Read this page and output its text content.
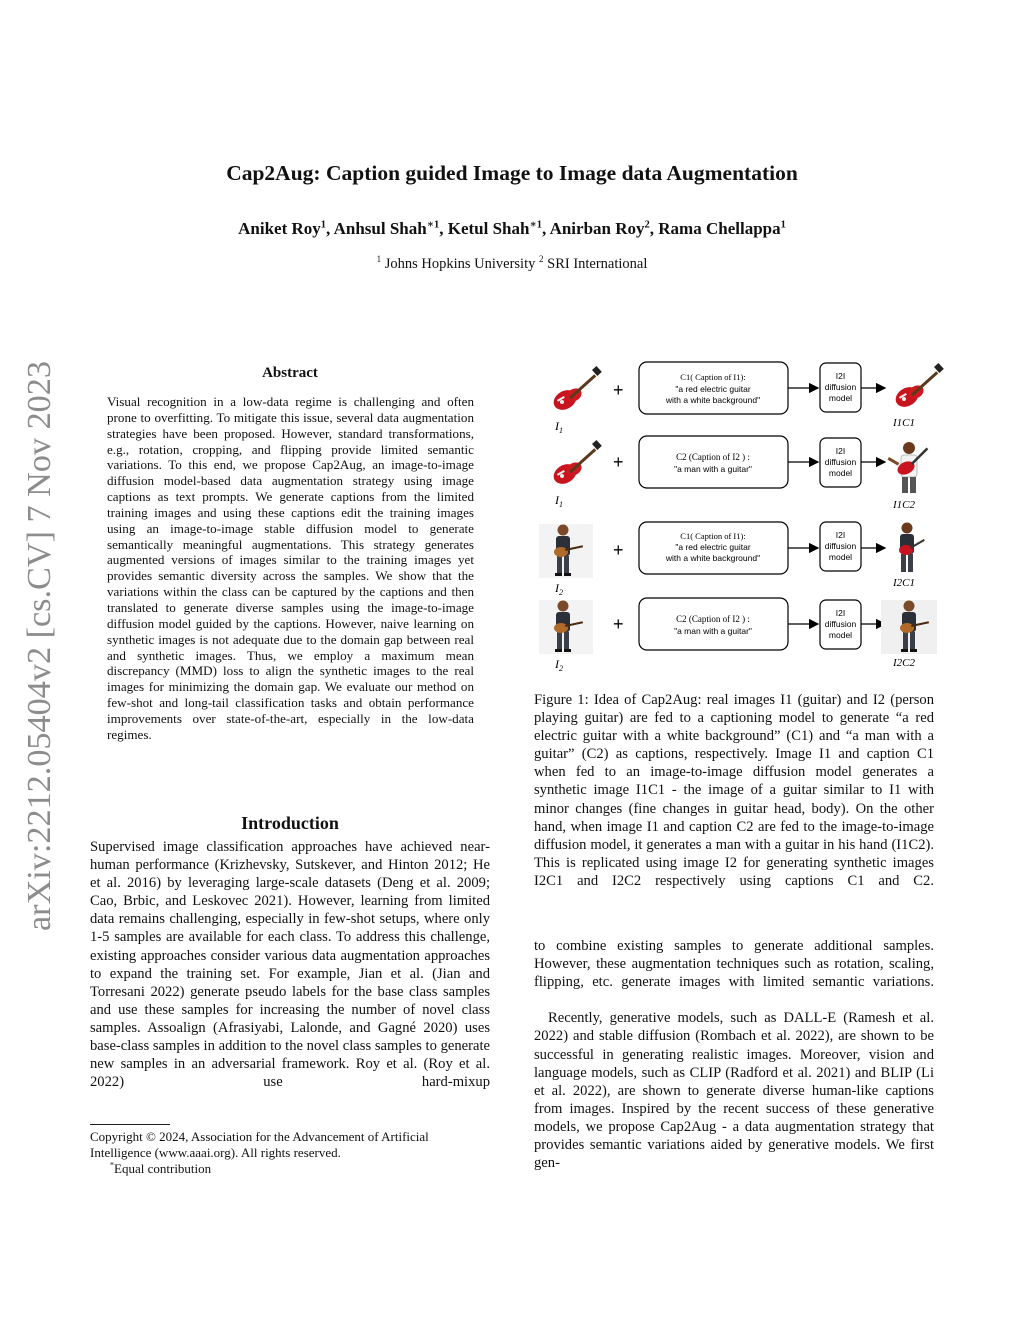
arXiv:2212.05404v2 [cs.CV] 7 Nov 2023
Cap2Aug: Caption guided Image to Image data Augmentation
Aniket Roy$^1$, Anhsul Shah$^{∗1}$, Ketul Shah$^{∗1}$, Anirban Roy$^2$, Rama Chellappa$^1$
$^1$ Johns Hopkins University $^2$ SRI International
Abstract
Visual recognition in a low-data regime is challenging and often prone to overfitting. To mitigate this issue, several data augmentation strategies have been proposed. However, standard transformations, e.g., rotation, cropping, and flipping provide limited semantic variations. To this end, we propose Cap2Aug, an image-to-image diffusion model-based data augmentation strategy using image captions as text prompts. We generate captions from the limited training images and using these captions edit the training images using an image-to-image stable diffusion model to generate semantically meaningful augmentations. This strategy generates augmented versions of images similar to the training images yet provides semantic diversity across the samples. We show that the variations within the class can be captured by the captions and then translated to generate diverse samples using the image-to-image diffusion model guided by the captions. However, naive learning on synthetic images is not adequate due to the domain gap between real and synthetic images. Thus, we employ a maximum mean discrepancy (MMD) loss to align the synthetic images to the real images for minimizing the domain gap. We evaluate our method on few-shot and long-tail classification tasks and obtain performance improvements over state-of-the-art, especially in the low-data regimes.
Introduction
Supervised image classification approaches have achieved near-human performance (Krizhevsky, Sutskever, and Hinton 2012; He et al. 2016) by leveraging large-scale datasets (Deng et al. 2009; Cao, Brbic, and Leskovec 2021). However, learning from limited data remains challenging, especially in few-shot setups, where only 1-5 samples are available for each class. To address this challenge, existing approaches consider various data augmentation approaches to expand the training set. For example, Jian et al. (Jian and Torresani 2022) generate pseudo labels for the base class samples and use these samples for increasing the number of novel class samples. Assoalign (Afrasiyabi, Lalonde, and Gagné 2020) uses base-class samples in addition to the novel class samples to generate new samples in an adversarial framework. Roy et al. (Roy et al. 2022) use hard-mixup
Copyright © 2024, Association for the Advancement of Artificial Intelligence (www.aaai.org). All rights reserved.
*Equal contribution
$I_1$
+
C1( Caption of I1):
"a red electric guitar
with a white background"
I2I
diffusion
model
I1C1
$I_1$
+	C2 (Caption of I2 ) :
"a man with a guitar"
I2I
diffusion
model
I1C2
$I_2$
+
C1( Caption of I1):
"a red electric guitar
with a white background"
I2I
diffusion
model
I2C1
$I_2$
+	C2 (Caption of I2 ) :
"a man with a guitar"
I2I
diffusion
model
I2C2
Figure 1: Idea of Cap2Aug: real images I1 (guitar) and I2 (person playing guitar) are fed to a captioning model to generate “a red electric guitar with a white background” (C1) and “a man with a guitar” (C2) as captions, respectively. Image I1 and caption C1 when fed to an image-to-image diffusion model generates a synthetic image I1C1 - the image of a guitar similar to I1 with minor changes (fine changes in guitar head, body). On the other hand, when image I1 and caption C2 are fed to the image-to-image diffusion model, it generates a man with a guitar in his hand (I1C2). This is replicated using image I2 for generating synthetic images I2C1 and I2C2 respectively using captions C1 and C2.

to combine existing samples to generate additional samples. However, these augmentation techniques such as rotation, scaling, flipping, etc. generate images with limited semantic variations.

Recently, generative models, such as DALL-E (Ramesh et al. 2022) and stable diffusion (Rombach et al. 2022), are shown to be successful in generating realistic images. Moreover, vision and language models, such as CLIP (Radford et al. 2021) and BLIP (Li et al. 2022), are shown to generate diverse human-like captions from images. Inspired by the recent success of these generative models, we propose Cap2Aug - a data augmentation strategy that provides semantic variations aided by generative models. We first gen-
